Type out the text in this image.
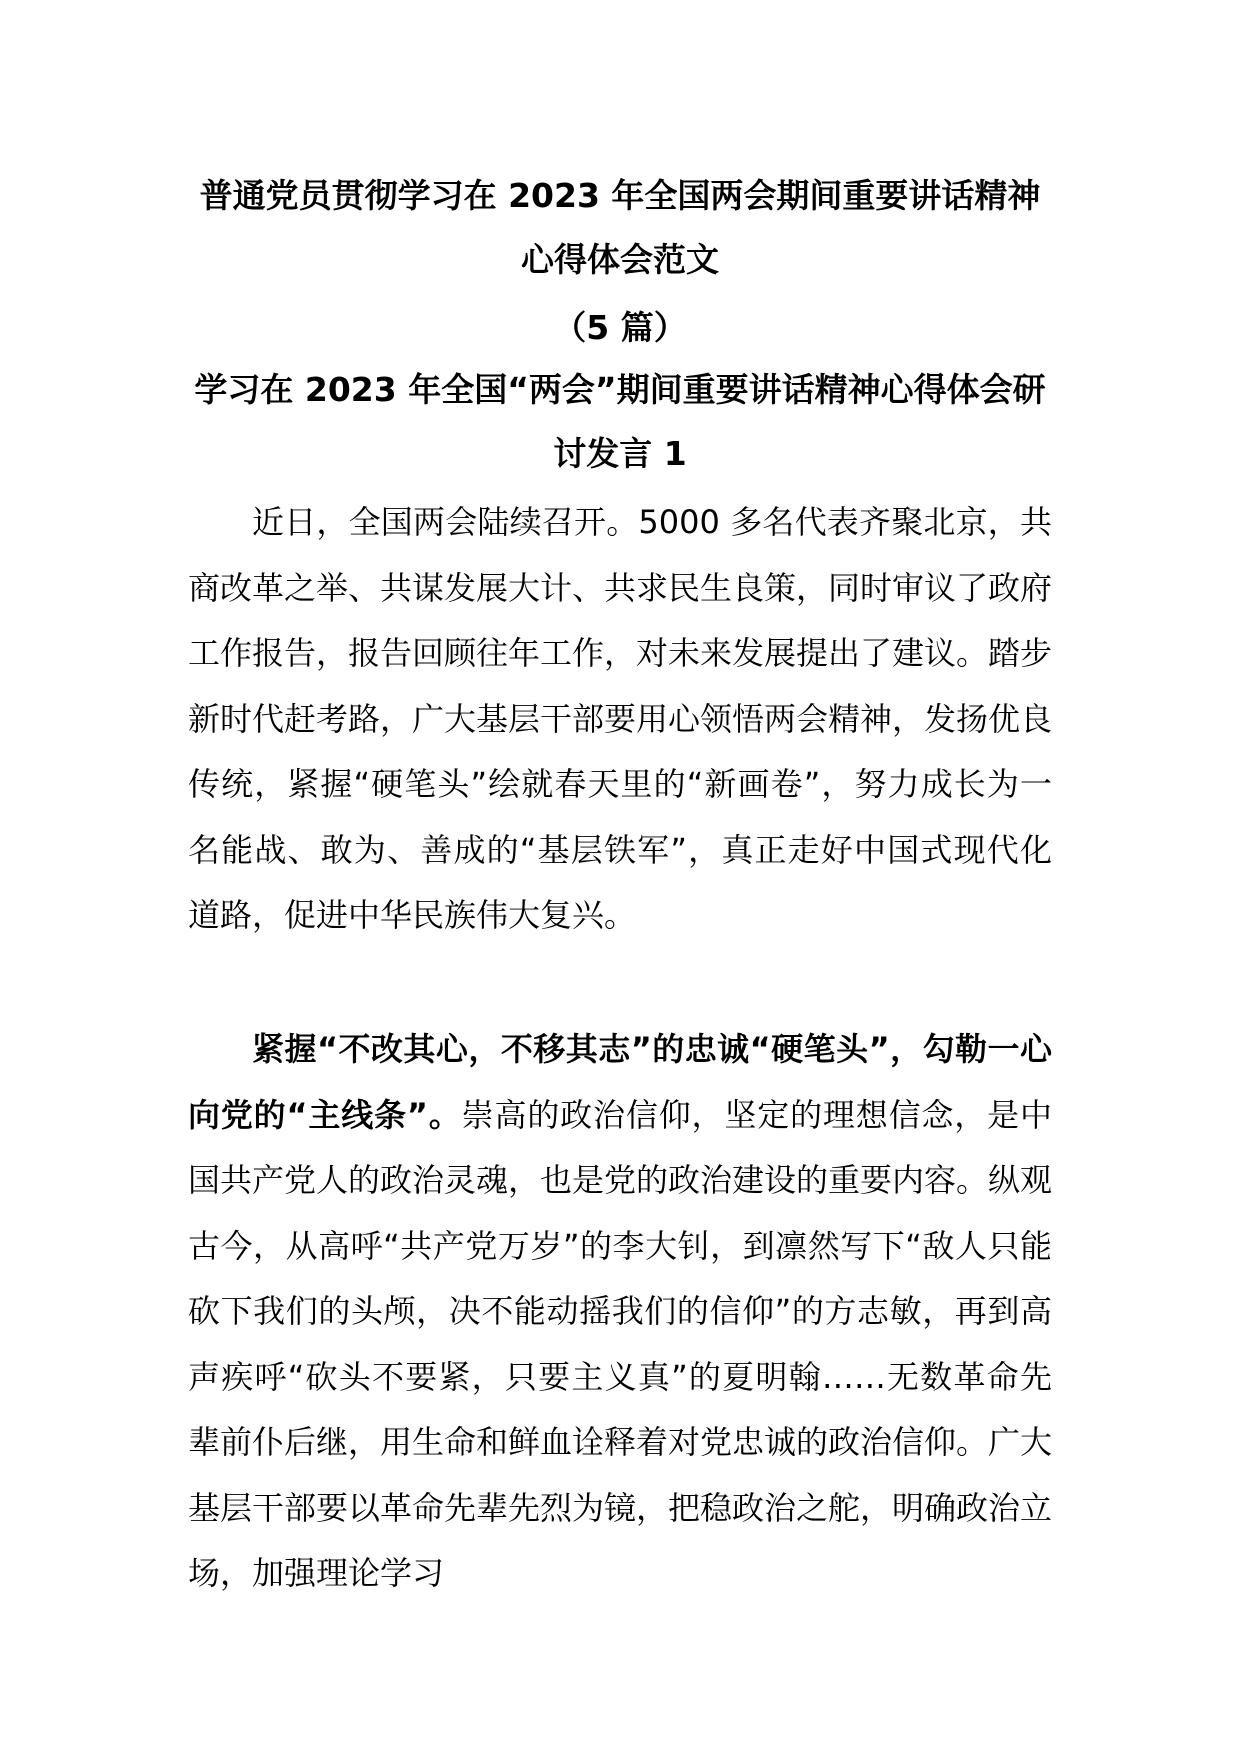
普通党员贯彻学习在 2023 年全国两会期间重要讲话精神心得体会范文
（5 篇）
学习在 2023 年全国“两会”期间重要讲话精神心得体会研讨发言 1

近日，全国两会陆续召开。5000 多名代表齐聚北京，共商改革之举、共谋发展大计、共求民生良策，同时审议了政府工作报告，报告回顾往年工作，对未来发展提出了建议。踏步新时代赶考路，广大基层干部要用心领悟两会精神，发扬优良传统，紧握“硬笔头”绘就春天里的“新画卷”，努力成长为一名能战、敢为、善成的“基层铁军”，真正走好中国式现代化道路，促进中华民族伟大复兴。

紧握“不改其心，不移其志”的忠诚“硬笔头”，勾勒一心向党的“主线条”。崇高的政治信仰，坚定的理想信念，是中国共产党人的政治灵魂，也是党的政治建设的重要内容。纵观古今，从高呼“共产党万岁”的李大钊，到凛然写下“敌人只能砍下我们的头颅，决不能动摇我们的信仰”的方志敏，再到高声疾呼“砍头不要紧，只要主义真”的夏明翰……无数革命先辈前仆后继，用生命和鲜血诠释着对党忠诚的政治信仰。广大基层干部要以革命先辈先烈为镜，把稳政治之舵，明确政治立场，加强理论学习
